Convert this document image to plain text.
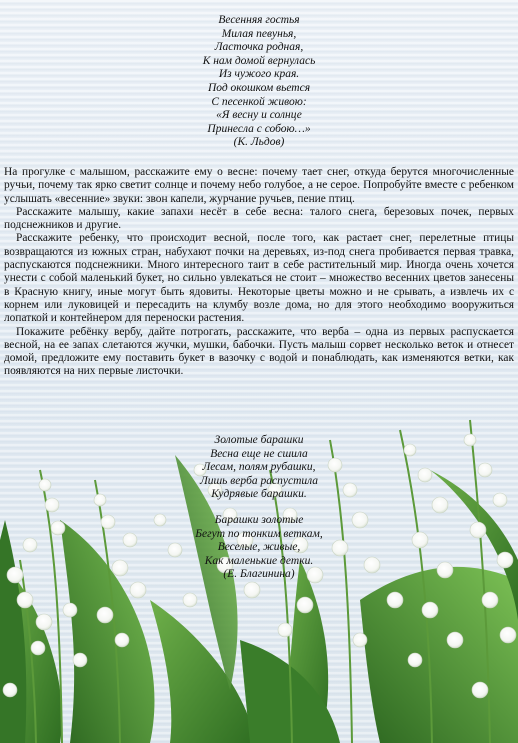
Весенняя гостья
Милая певунья,
Ласточка родная,
К нам домой вернулась
Из чужого края.
Под окошком вьется
С песенкой живою:
«Я весну и солнце
Принесла с собою…»
(К. Льдов)

На прогулке с малышом, расскажите ему о весне: почему тает снег, откуда берутся многочисленные ручьи, почему так ярко светит солнце и почему небо голубое, а не серое. Попробуйте вместе с ребенком услышать «весенние» звуки: звон капели, журчание ручьев, пение птиц.

Расскажите малышу, какие запахи несёт в себе весна: талого снега, березовых почек, первых подснежников и другие.

Расскажите ребенку, что происходит весной, после того, как растает снег, перелетные птицы возвращаются из южных стран, набухают почки на деревьях, из-под снега пробивается первая травка, распускаются подснежники. Много интересного таит в себе растительный мир. Иногда очень хочется унести с собой маленький букет, но сильно увлекаться не стоит – множество весенних цветов занесены в Красную книгу, иные могут быть ядовиты. Некоторые цветы можно и не срывать, а извлечь их с корнем или луковицей и пересадить на клумбу возле дома, но для этого необходимо вооружиться лопаткой и контейнером для переноски растения.

Покажите ребёнку вербу, дайте потрогать, расскажите, что верба – одна из первых распускается весной, на ее запах слетаются жучки, мушки, бабочки. Пусть малыш сорвет несколько веток и отнесет домой, предложите ему поставить букет в вазочку с водой и понаблюдать, как изменяются ветки, как появляются на них первые листочки.

Золотые барашки
Весна еще не сшила
Лесам, полям рубашки,
Лишь верба распустила
Кудрявые барашки.
Барашки золотые
Бегут по тонким веткам,
Веселые, живые,
Как маленькие детки.
(Е. Благинина)
